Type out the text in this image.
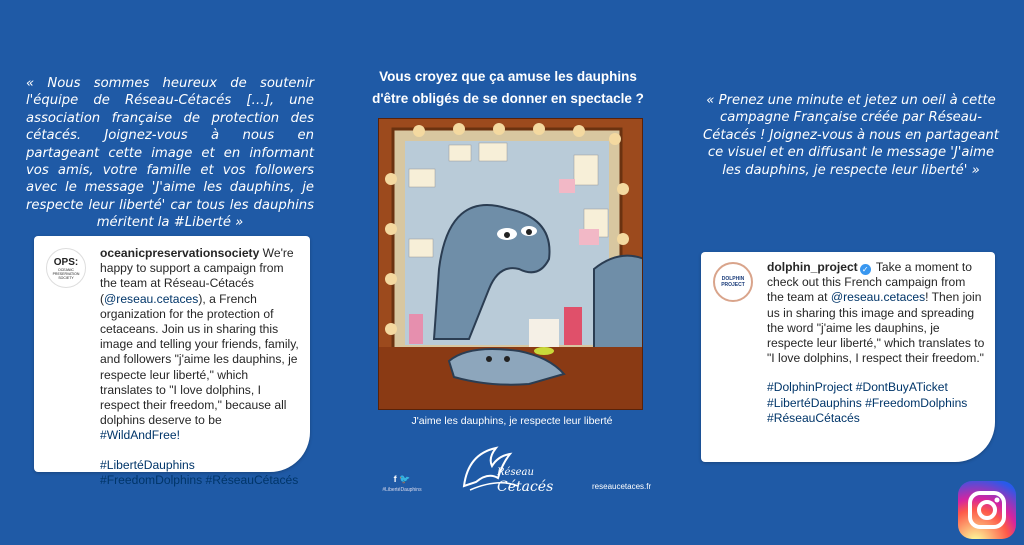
« Nous sommes heureux de soutenir l'équipe de Réseau-Cétacés […], une association française de protection des cétacés. Joignez-vous à nous en partageant cette image et en informant vos amis, votre famille et vos followers avec le message 'J'aime les dauphins, je respecte leur liberté' car tous les dauphins méritent la #Liberté »
« Prenez une minute et jetez un oeil à cette campagne Française créée par Réseau-Cétacés ! Joignez-vous à nous en partageant ce visuel et en diffusant le message 'J'aime les dauphins, je respecte leur liberté' »
OPS:
OCEANIC PRESERVATION SOCIETY
oceanicpreservationsociety We're happy to support a campaign from the team at Réseau-Cétacés (@reseau.cetaces), a French organization for the protection of cetaceans. Join us in sharing this image and telling your friends, family, and followers "j'aime les dauphins, je respecte leur liberté," which translates to "I love dolphins, I respect their freedom," because all dolphins deserve to be #WildAndFree!
#LibertéDauphins #FreedomDolphins #RéseauCétacés
DOLPHIN PROJECT
dolphin_project ✓ Take a moment to check out this French campaign from the team at @reseau.cetaces! Then join us in sharing this image and spreading the word "j'aime les dauphins, je respecte leur liberté," which translates to "I love dolphins, I respect their freedom."
#DolphinProject #DontBuyATicket #LibertéDauphins #FreedomDolphins #RéseauCétacés
Vous croyez que ça amuse les dauphins
d'être obligés de se donner en spectacle ?
J'aime les dauphins, je respecte leur liberté
f 🐦
#LibertéDauphins
Réseau
Cétacés	reseaucetaces.fr
